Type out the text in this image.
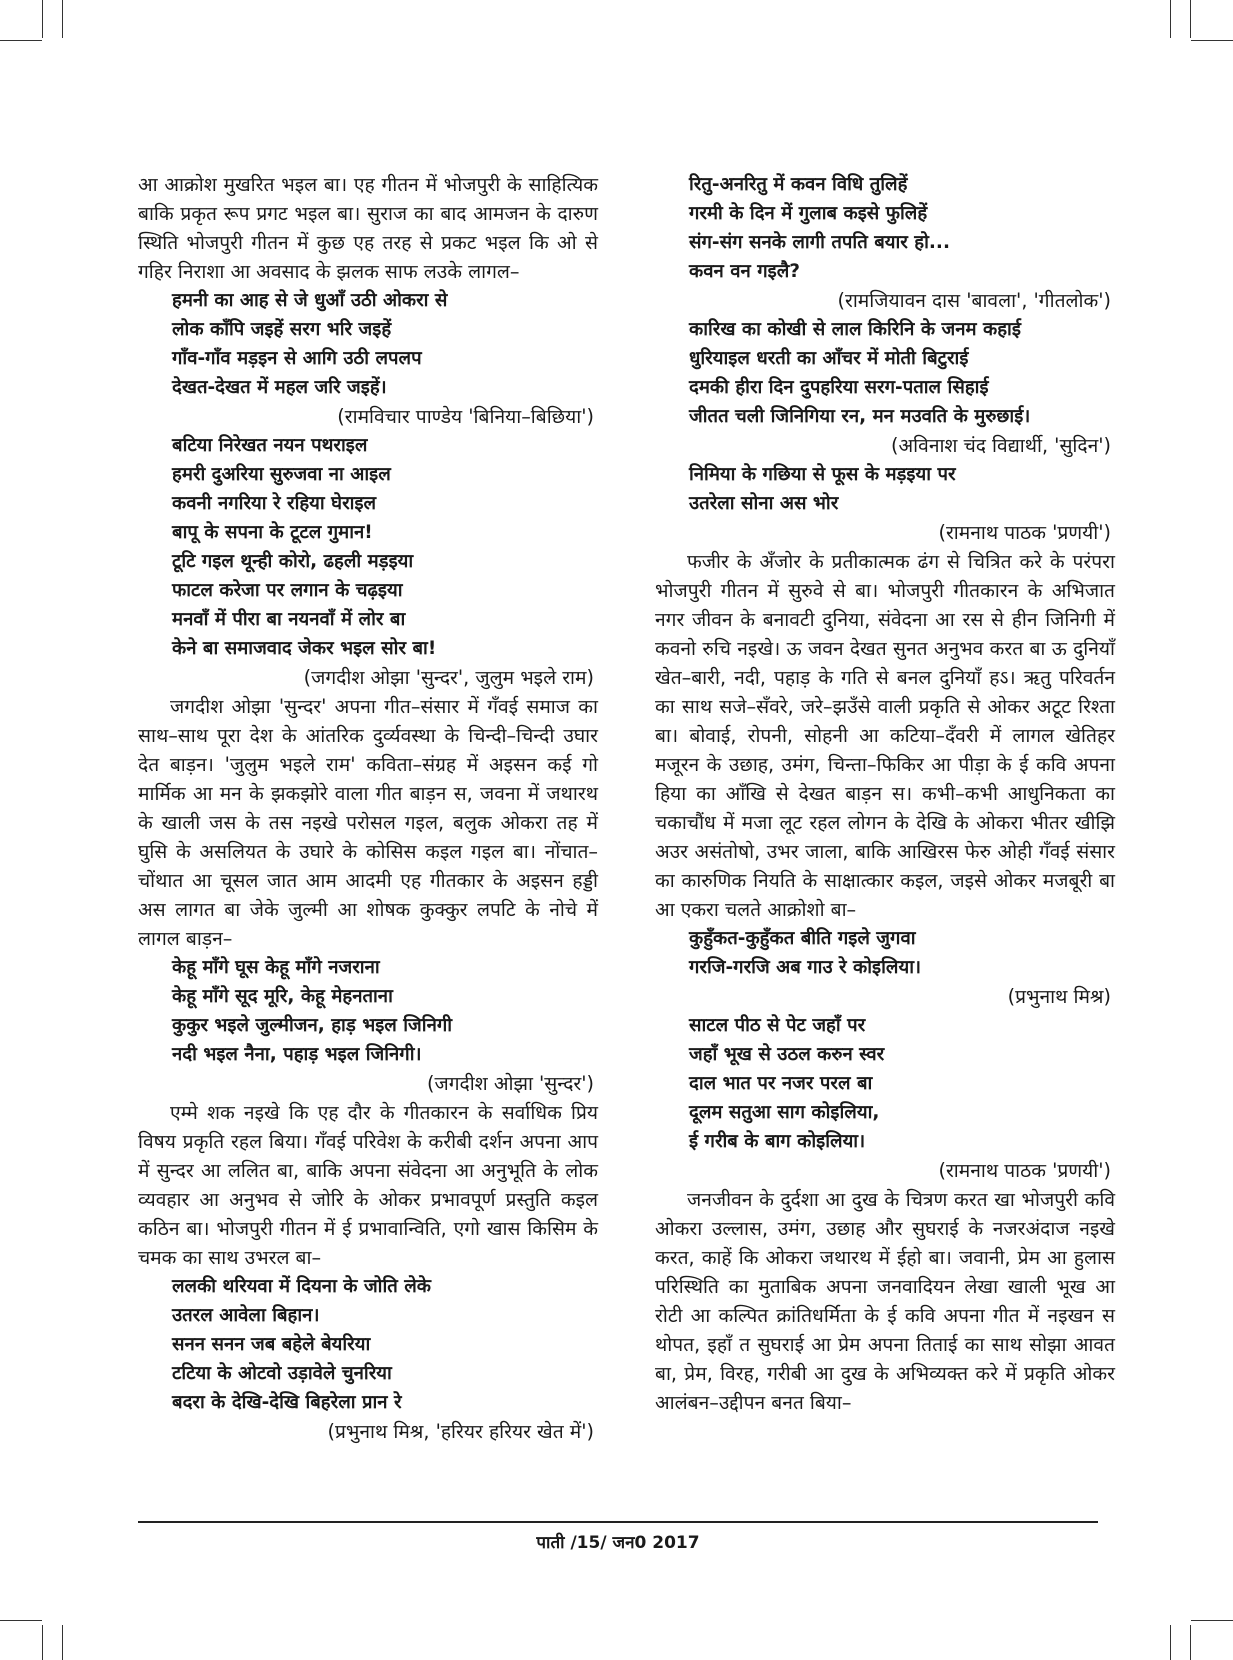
आ आक्रोश मुखरित भइल बा। एह गीतन में भोजपुरी के साहित्यिक बाकि प्रकृत रूप प्रगट भइल बा। सुराज का बाद आमजन के दारुण स्थिति भोजपुरी गीतन में कुछ एह तरह से प्रकट भइल कि ओ से गहिर निराशा आ अवसाद के झलक साफ लउके लागल–

हमनी का आह से जे धुआँ उठी ओकरा से
लोक काँपि जइहें सरग भरि जइहें
गाँव-गाँव मड़इन से आगि उठी लपलप
देखत-देखत में महल जरि जइहें।
(रामविचार पाण्डेय 'बिनिया–बिछिया')
बटिया निरेखत नयन पथराइल
हमरी दुअरिया सुरुजवा ना आइल
कवनी नगरिया रे रहिया घेराइल
बापू के सपना के टूटल गुमान!
टूटि गइल थून्ही कोरो, ढहली मड़इया
फाटल करेजा पर लगान के चढ़इया
मनवाँ में पीरा बा नयनवाँ में लोर बा
केने बा समाजवाद जेकर भइल सोर बा!
(जगदीश ओझा 'सुन्दर', जुलुम भइले राम)

जगदीश ओझा 'सुन्दर' अपना गीत–संसार में गँवई समाज का साथ–साथ पूरा देश के आंतरिक दुर्व्यवस्था के चिन्दी–चिन्दी उघार देत बाड़न। 'जुलुम भइले राम' कविता–संग्रह में अइसन कई गो मार्मिक आ मन के झकझोरे वाला गीत बाड़न स, जवना में जथारथ के खाली जस के तस नइखे परोसल गइल, बलुक ओकरा तह में घुसि के असलियत के उघारे के कोसिस कइल गइल बा। नोंचात–चोंथात आ चूसल जात आम आदमी एह गीतकार के अइसन हड्डी अस लागत बा जेके जुल्मी आ शोषक कुक्कुर लपटि के नोचे में लागल बाड़न–

केहू माँगे घूस केहू माँगे नजराना
केहू माँगे सूद मूरि, केहू मेहनताना
कुकुर भइले जुल्मीजन, हाड़ भइल जिनिगी
नदी भइल नैना, पहाड़ भइल जिनिगी।
(जगदीश ओझा 'सुन्दर')

एम्मे शक नइखे कि एह दौर के गीतकारन के सर्वाधिक प्रिय विषय प्रकृति रहल बिया। गँवई परिवेश के करीबी दर्शन अपना आप में सुन्दर आ ललित बा, बाकि अपना संवेदना आ अनुभूति के लोक व्यवहार आ अनुभव से जोरि के ओकर प्रभावपूर्ण प्रस्तुति कइल कठिन बा। भोजपुरी गीतन में ई प्रभावान्विति, एगो खास किसिम के चमक का साथ उभरल बा–

ललकी थरियवा में दियना के जोति लेके
उतरल आवेला बिहान।
सनन सनन जब बहेले बेयरिया
टटिया के ओटवो उड़ावेले चुनरिया
बदरा के देखि-देखि बिहरेला प्रान रे
(प्रभुनाथ मिश्र, 'हरियर हरियर खेत में')
रितु-अनरितु में कवन विधि तुलिहें
गरमी के दिन में गुलाब कइसे फुलिहें
संग-संग सनके लागी तपति बयार हो...
कवन वन गइलै?
(रामजियावन दास 'बावला', 'गीतलोक')
कारिख का कोखी से लाल किरिनि के जनम कहाई
धुरियाइल धरती का आँचर में मोती बिटुराई
दमकी हीरा दिन दुपहरिया सरग-पताल सिहाई
जीतत चली जिनिगिया रन, मन मउवति के मुरुछाई।
(अविनाश चंद विद्यार्थी, 'सुदिन')
निमिया के गछिया से फूस के मड़इया पर
उतरेला सोना अस भोर
(रामनाथ पाठक 'प्रणयी')

फजीर के अँजोर के प्रतीकात्मक ढंग से चित्रित करे के परंपरा भोजपुरी गीतन में सुरुवे से बा। भोजपुरी गीतकारन के अभिजात नगर जीवन के बनावटी दुनिया, संवेदना आ रस से हीन जिनिगी में कवनो रुचि नइखे। ऊ जवन देखत सुनत अनुभव करत बा ऊ दुनियाँ खेत–बारी, नदी, पहाड़ के गति से बनल दुनियाँ हऽ। ऋतु परिवर्तन का साथ सजे–सँवरे, जरे–झउँसे वाली प्रकृति से ओकर अटूट रिश्ता बा। बोवाई, रोपनी, सोहनी आ कटिया–दँवरी में लागल खेतिहर मजूरन के उछाह, उमंग, चिन्ता–फिकिर आ पीड़ा के ई कवि अपना हिया का आँखि से देखत बाड़न स। कभी–कभी आधुनिकता का चकाचौंध में मजा लूट रहल लोगन के देखि के ओकरा भीतर खीझि अउर असंतोषो, उभर जाला, बाकि आखिरस फेरु ओही गँवई संसार का कारुणिक नियति के साक्षात्कार कइल, जइसे ओकर मजबूरी बा आ एकरा चलते आक्रोशो बा–

कुहुँकत-कुहुँकत बीति गइले जुगवा
गरजि-गरजि अब गाउ रे कोइलिया।
(प्रभुनाथ मिश्र)
साटल पीठ से पेट जहाँ पर
जहाँ भूख से उठल करुन स्वर
दाल भात पर नजर परल बा
दूलम सतुआ साग कोइलिया,
ई गरीब के बाग कोइलिया।
(रामनाथ पाठक 'प्रणयी')

जनजीवन के दुर्दशा आ दुख के चित्रण करत खा भोजपुरी कवि ओकरा उल्लास, उमंग, उछाह और सुघराई के नजरअंदाज नइखे करत, काहें कि ओकरा जथारथ में ईहो बा। जवानी, प्रेम आ हुलास परिस्थिति का मुताबिक अपना जनवादियन लेखा खाली भूख आ रोटी आ कल्पित क्रांतिधर्मिता के ई कवि अपना गीत में नइखन स थोपत, इहाँ त सुघराई आ प्रेम अपना तिताई का साथ सोझा आवत बा, प्रेम, विरह, गरीबी आ दुख के अभिव्यक्त करे में प्रकृति ओकर आलंबन–उद्दीपन बनत बिया–

पाती /15/ जन0 2017
